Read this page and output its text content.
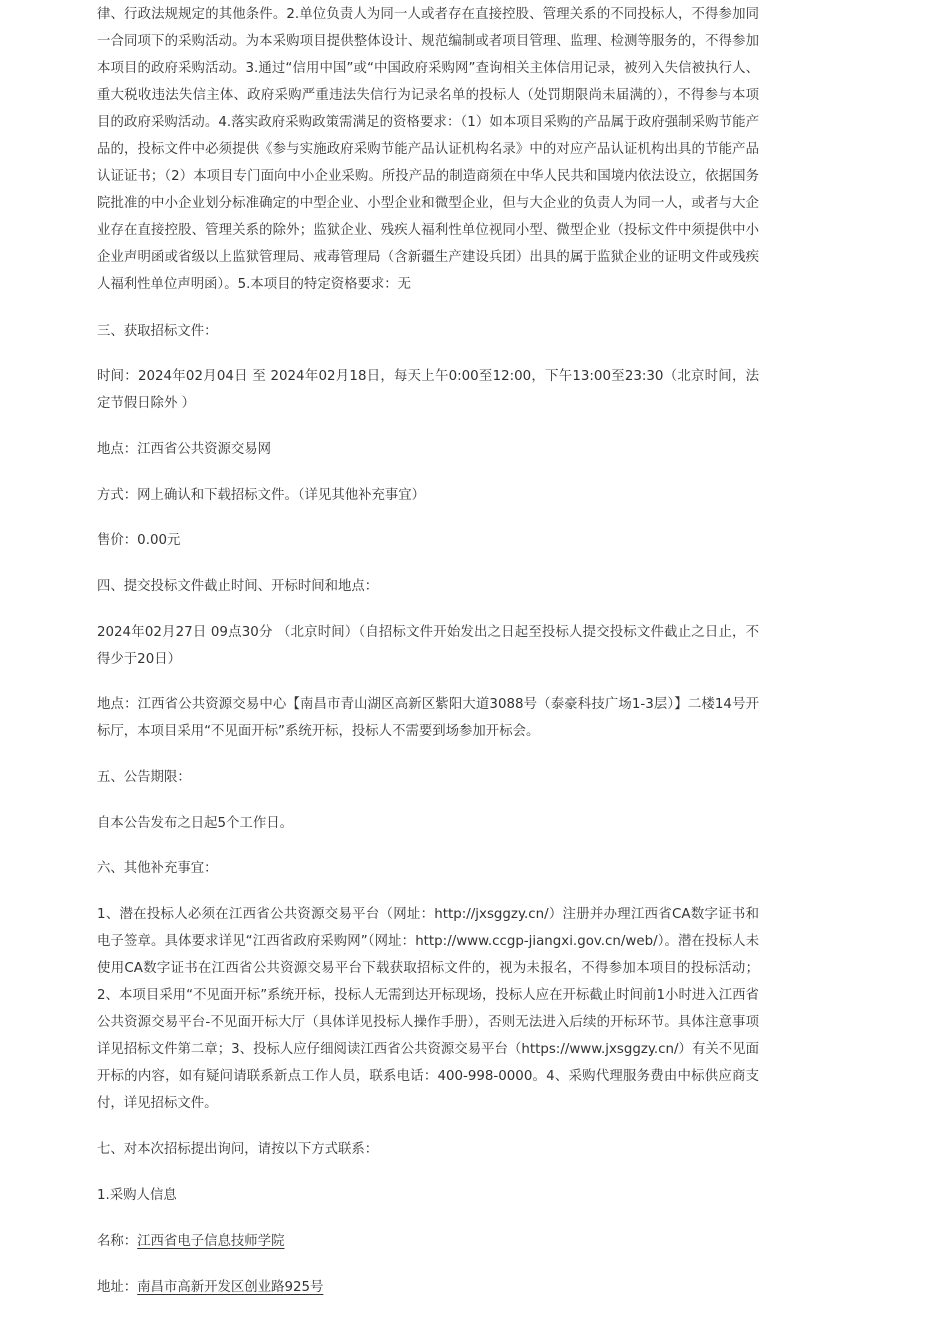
律、行政法规规定的其他条件。2.单位负责人为同一人或者存在直接控股、管理关系的不同投标人，不得参加同一合同项下的采购活动。为本采购项目提供整体设计、规范编制或者项目管理、监理、检测等服务的，不得参加本项目的政府采购活动。3.通过“信用中国”或“中国政府采购网”查询相关主体信用记录，被列入失信被执行人、重大税收违法失信主体、政府采购严重违法失信行为记录名单的投标人（处罚期限尚未届满的），不得参与本项目的政府采购活动。4.落实政府采购政策需满足的资格要求：（1）如本项目采购的产品属于政府强制采购节能产品的，投标文件中必须提供《参与实施政府采购节能产品认证机构名录》中的对应产品认证机构出具的节能产品认证证书；（2）本项目专门面向中小企业采购。所投产品的制造商须在中华人民共和国境内依法设立，依据国务院批准的中小企业划分标准确定的中型企业、小型企业和微型企业，但与大企业的负责人为同一人，或者与大企业存在直接控股、管理关系的除外；监狱企业、残疾人福利性单位视同小型、微型企业（投标文件中须提供中小企业声明函或省级以上监狱管理局、戒毒管理局（含新疆生产建设兵团）出具的属于监狱企业的证明文件或残疾人福利性单位声明函）。5.本项目的特定资格要求：无

三、获取招标文件：

时间：2024年02月04日 至 2024年02月18日，每天上午0:00至12:00，下午13:00至23:30（北京时间，法定节假日除外 ）

地点：江西省公共资源交易网

方式：网上确认和下载招标文件。（详见其他补充事宜）

售价：0.00元

四、提交投标文件截止时间、开标时间和地点：

2024年02月27日 09点30分 （北京时间）（自招标文件开始发出之日起至投标人提交投标文件截止之日止，不得少于20日）

地点：江西省公共资源交易中心【南昌市青山湖区高新区紫阳大道3088号（泰豪科技广场1-3层）】二楼14号开标厅，本项目采用“不见面开标”系统开标，投标人不需要到场参加开标会。

五、公告期限：

自本公告发布之日起5个工作日。

六、其他补充事宜：

1、潜在投标人必须在江西省公共资源交易平台（网址：http://jxsggzy.cn/）注册并办理江西省CA数字证书和电子签章。具体要求详见“江西省政府采购网”（网址：http://www.ccgp-jiangxi.gov.cn/web/）。潜在投标人未使用CA数字证书在江西省公共资源交易平台下载获取招标文件的，视为未报名，不得参加本项目的投标活动；2、本项目采用“不见面开标”系统开标，投标人无需到达开标现场，投标人应在开标截止时间前1小时进入江西省公共资源交易平台-不见面开标大厅（具体详见投标人操作手册），否则无法进入后续的开标环节。具体注意事项详见招标文件第二章；3、投标人应仔细阅读江西省公共资源交易平台（https://www.jxsggzy.cn/）有关不见面开标的内容，如有疑问请联系新点工作人员，联系电话：400-998-0000。4、采购代理服务费由中标供应商支付，详见招标文件。

七、对本次招标提出询问，请按以下方式联系：

1.采购人信息

名称：江西省电子信息技师学院

地址：南昌市高新开发区创业路925号
